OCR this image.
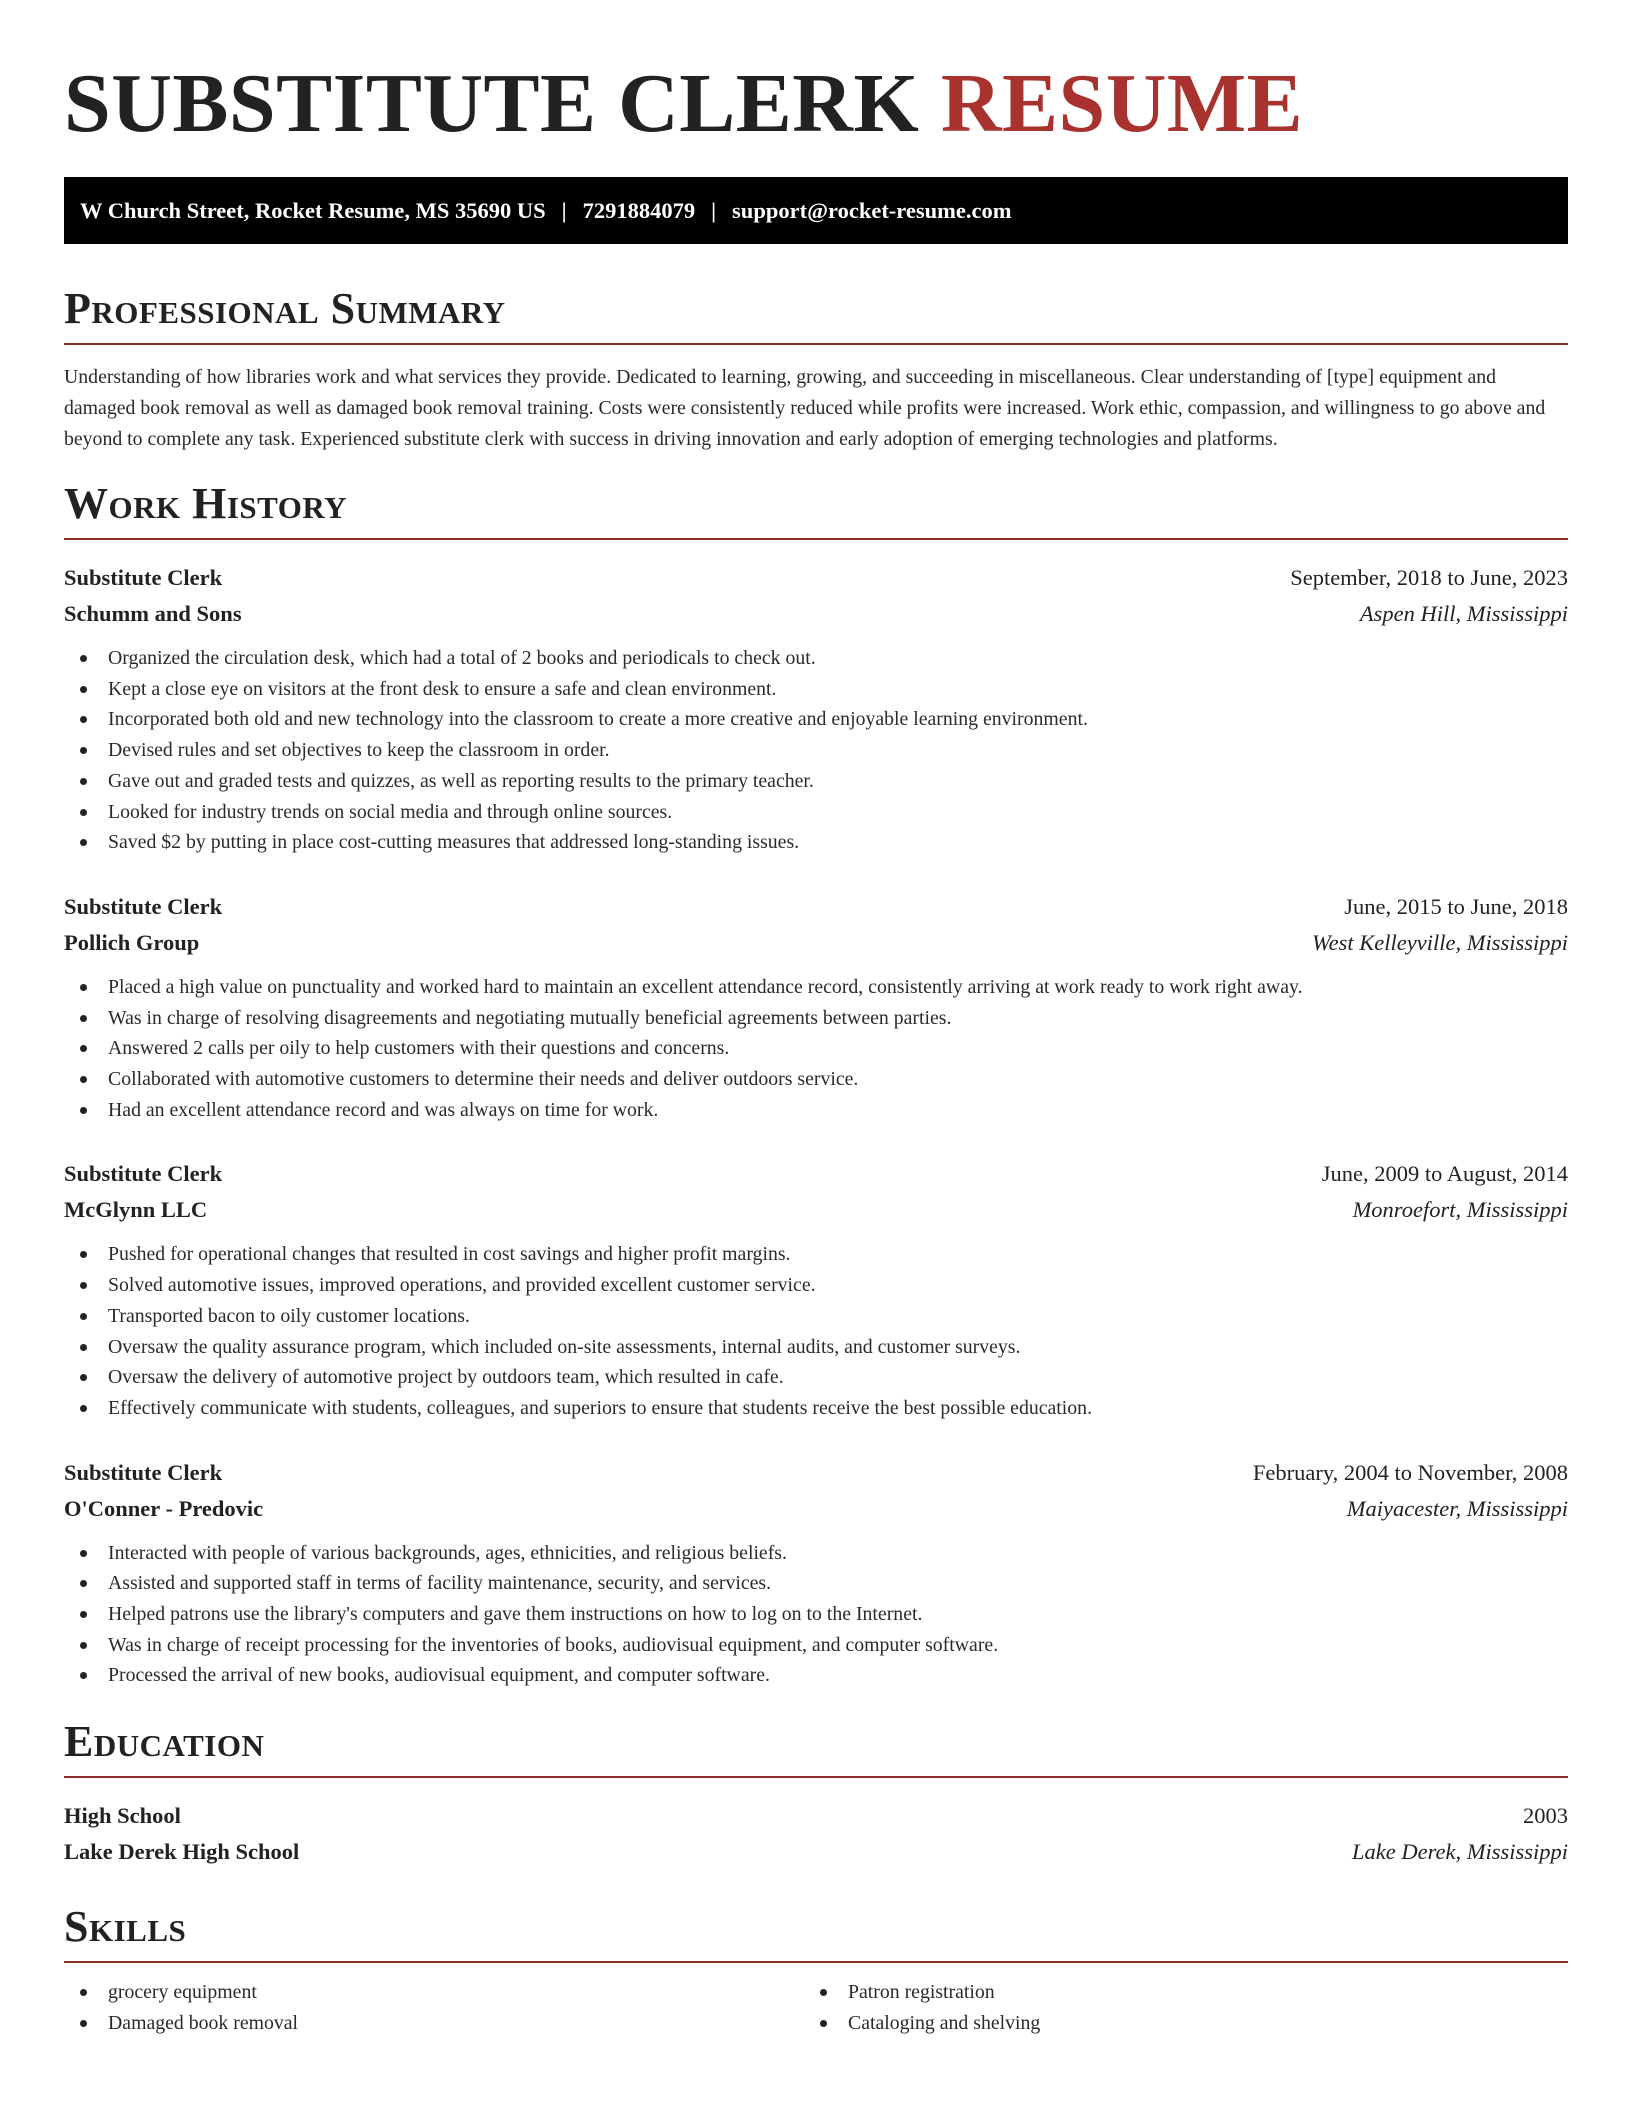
SUBSTITUTE CLERK RESUME
W Church Street, Rocket Resume, MS 35690 US | 7291884079 | support@rocket-resume.com
Professional Summary

Understanding of how libraries work and what services they provide. Dedicated to learning, growing, and succeeding in miscellaneous. Clear understanding of [type] equipment and damaged book removal as well as damaged book removal training. Costs were consistently reduced while profits were increased. Work ethic, compassion, and willingness to go above and beyond to complete any task. Experienced substitute clerk with success in driving innovation and early adoption of emerging technologies and platforms.

Work History
Substitute Clerk	September, 2018 to June, 2023
Schumm and Sons	Aspen Hill, Mississippi
Organized the circulation desk, which had a total of 2 books and periodicals to check out.
Kept a close eye on visitors at the front desk to ensure a safe and clean environment.
Incorporated both old and new technology into the classroom to create a more creative and enjoyable learning environment.
Devised rules and set objectives to keep the classroom in order.
Gave out and graded tests and quizzes, as well as reporting results to the primary teacher.
Looked for industry trends on social media and through online sources.
Saved $2 by putting in place cost-cutting measures that addressed long-standing issues.
Substitute Clerk	June, 2015 to June, 2018
Pollich Group	West Kelleyville, Mississippi
Placed a high value on punctuality and worked hard to maintain an excellent attendance record, consistently arriving at work ready to work right away.
Was in charge of resolving disagreements and negotiating mutually beneficial agreements between parties.
Answered 2 calls per oily to help customers with their questions and concerns.
Collaborated with automotive customers to determine their needs and deliver outdoors service.
Had an excellent attendance record and was always on time for work.
Substitute Clerk	June, 2009 to August, 2014
McGlynn LLC	Monroefort, Mississippi
Pushed for operational changes that resulted in cost savings and higher profit margins.
Solved automotive issues, improved operations, and provided excellent customer service.
Transported bacon to oily customer locations.
Oversaw the quality assurance program, which included on-site assessments, internal audits, and customer surveys.
Oversaw the delivery of automotive project by outdoors team, which resulted in cafe.
Effectively communicate with students, colleagues, and superiors to ensure that students receive the best possible education.
Substitute Clerk	February, 2004 to November, 2008
O'Conner - Predovic	Maiyacester, Mississippi
Interacted with people of various backgrounds, ages, ethnicities, and religious beliefs.
Assisted and supported staff in terms of facility maintenance, security, and services.
Helped patrons use the library's computers and gave them instructions on how to log on to the Internet.
Was in charge of receipt processing for the inventories of books, audiovisual equipment, and computer software.
Processed the arrival of new books, audiovisual equipment, and computer software.
Education
High School	2003
Lake Derek High School	Lake Derek, Mississippi
Skills
grocery equipment
Damaged book removal
Patron registration
Cataloging and shelving
